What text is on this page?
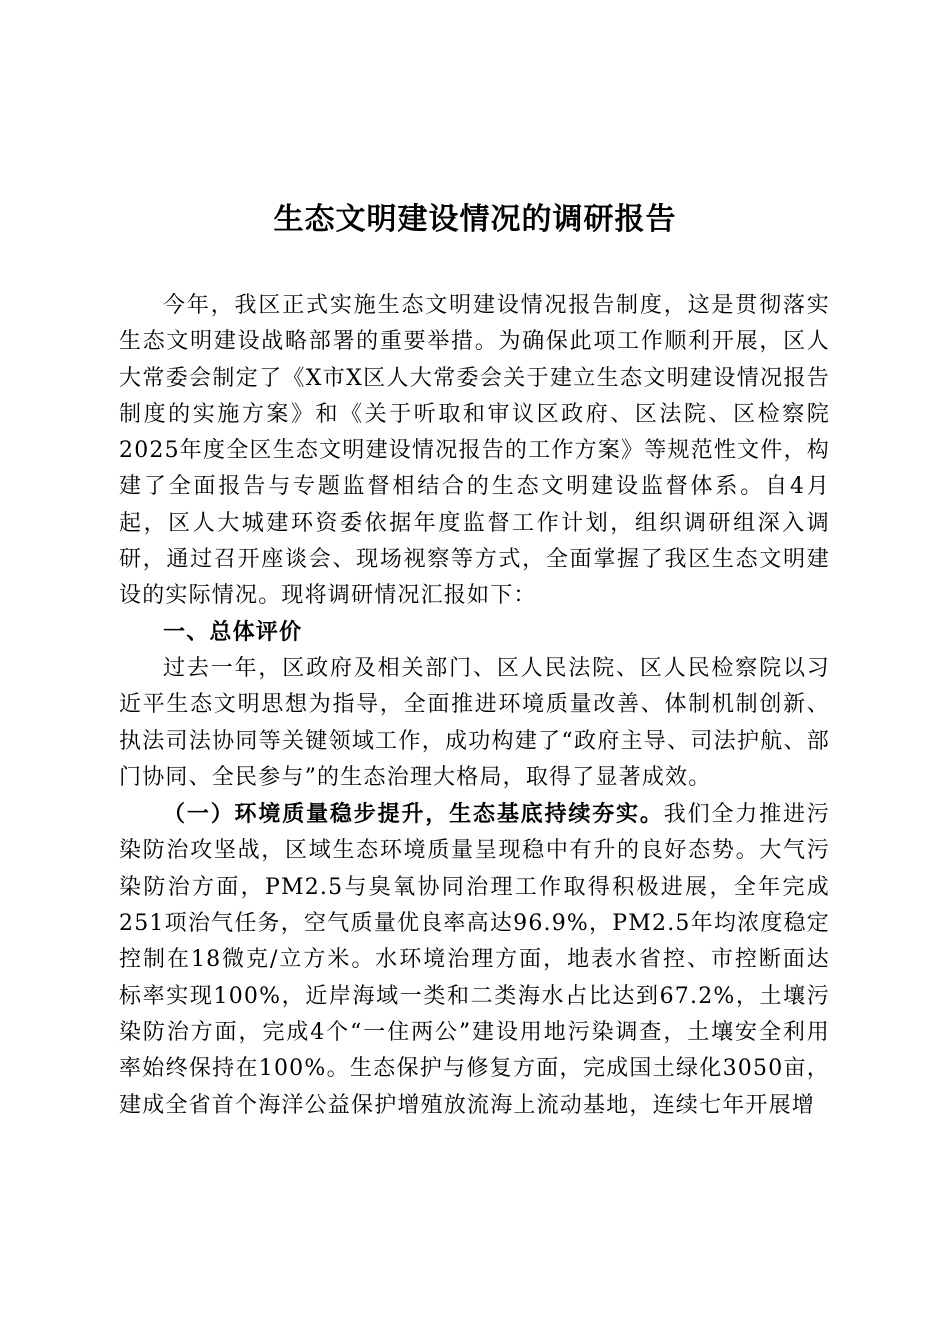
生态文明建设情况的调研报告

今年，我区正式实施生态文明建设情况报告制度，这是贯彻落实生态文明建设战略部署的重要举措。为确保此项工作顺利开展，区人大常委会制定了《X市X区人大常委会关于建立生态文明建设情况报告制度的实施方案》和《关于听取和审议区政府、区法院、区检察院2025年度全区生态文明建设情况报告的工作方案》等规范性文件，构建了全面报告与专题监督相结合的生态文明建设监督体系。自4月起，区人大城建环资委依据年度监督工作计划，组织调研组深入调研，通过召开座谈会、现场视察等方式，全面掌握了我区生态文明建设的实际情况。现将调研情况汇报如下：

一、总体评价

过去一年，区政府及相关部门、区人民法院、区人民检察院以习近平生态文明思想为指导，全面推进环境质量改善、体制机制创新、执法司法协同等关键领域工作，成功构建了“政府主导、司法护航、部门协同、全民参与”的生态治理大格局，取得了显著成效。

（一）环境质量稳步提升，生态基底持续夯实。我们全力推进污染防治攻坚战，区域生态环境质量呈现稳中有升的良好态势。大气污染防治方面，PM2.5与臭氧协同治理工作取得积极进展，全年完成251项治气任务，空气质量优良率高达96.9%，PM2.5年均浓度稳定控制在18微克/立方米。水环境治理方面，地表水省控、市控断面达标率实现100%，近岸海域一类和二类海水占比达到67.2%，土壤污染防治方面，完成4个“一住两公”建设用地污染调查，土壤安全利用率始终保持在100%。生态保护与修复方面，完成国土绿化3050亩，建成全省首个海洋公益保护增殖放流海上流动基地，连续七年开展增
